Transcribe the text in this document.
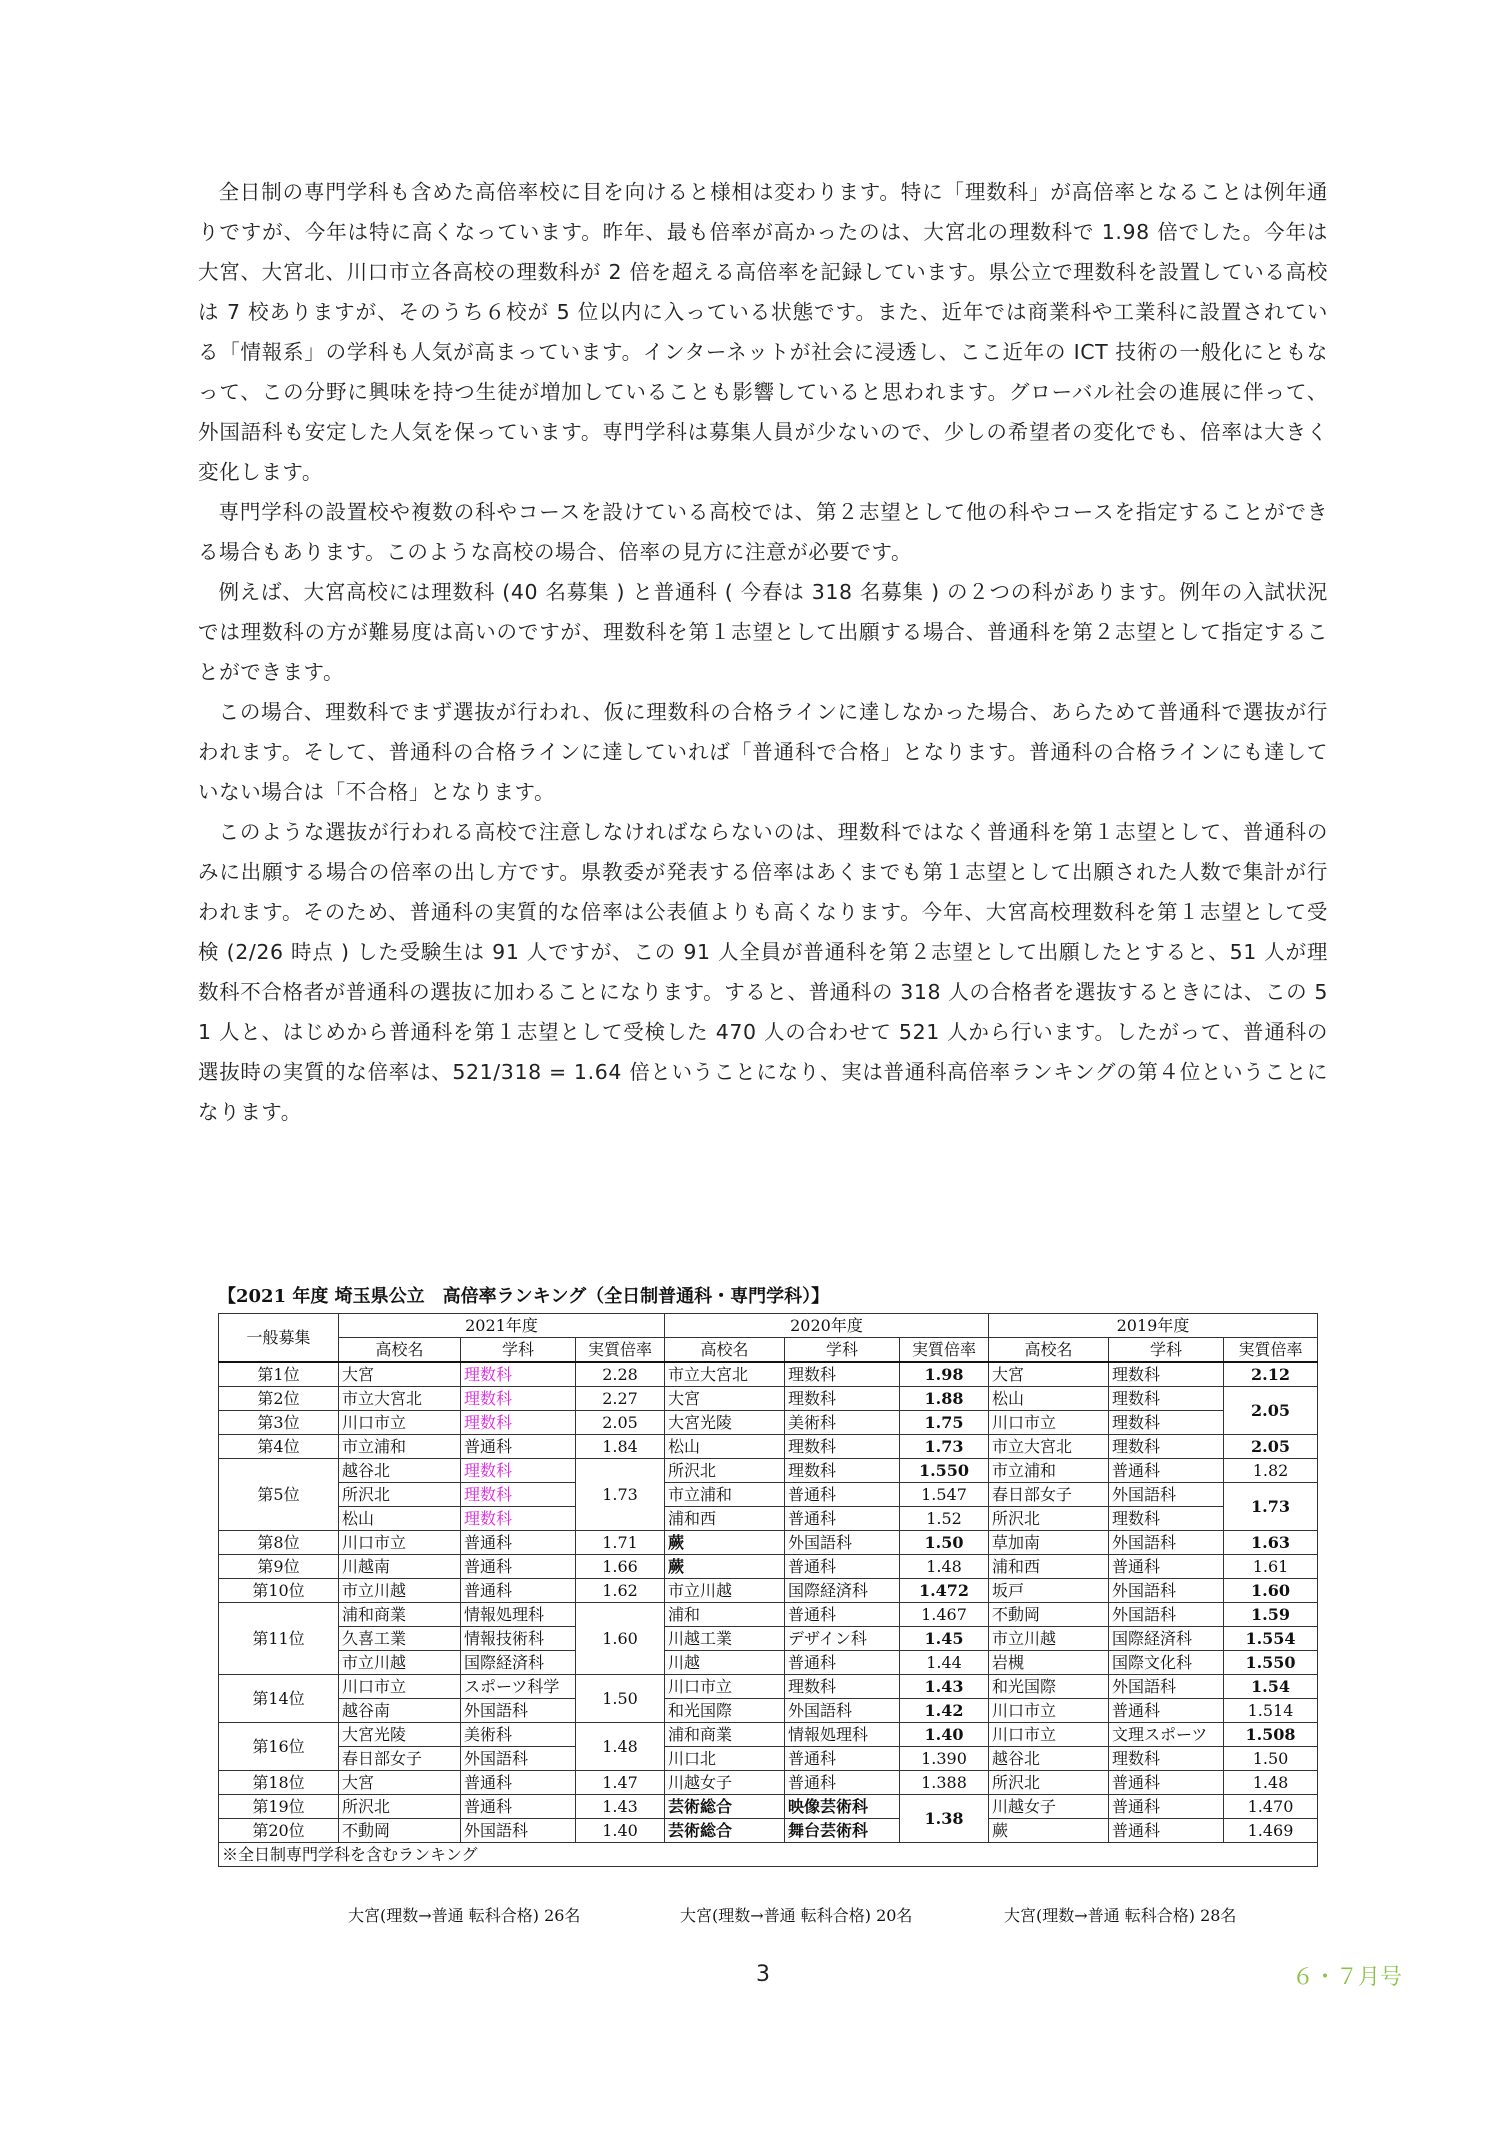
全日制の専門学科も含めた高倍率校に目を向けると様相は変わります。特に「理数科」が高倍率となることは例年通りですが、今年は特に高くなっています。昨年、最も倍率が高かったのは、大宮北の理数科で 1.98 倍でした。今年は大宮、大宮北、川口市立各高校の理数科が 2 倍を超える高倍率を記録しています。県公立で理数科を設置している高校は 7 校ありますが、そのうち６校が 5 位以内に入っている状態です。また、近年では商業科や工業科に設置されている「情報系」の学科も人気が高まっています。インターネットが社会に浸透し、ここ近年の ICT 技術の一般化にともなって、この分野に興味を持つ生徒が増加していることも影響していると思われます。グローバル社会の進展に伴って、外国語科も安定した人気を保っています。専門学科は募集人員が少ないので、少しの希望者の変化でも、倍率は大きく変化します。

専門学科の設置校や複数の科やコースを設けている高校では、第２志望として他の科やコースを指定することができる場合もあります。このような高校の場合、倍率の見方に注意が必要です。

例えば、大宮高校には理数科 (40 名募集 ) と普通科 ( 今春は 318 名募集 ) の２つの科があります。例年の入試状況では理数科の方が難易度は高いのですが、理数科を第１志望として出願する場合、普通科を第２志望として指定することができます。

この場合、理数科でまず選抜が行われ、仮に理数科の合格ラインに達しなかった場合、あらためて普通科で選抜が行われます。そして、普通科の合格ラインに達していれば「普通科で合格」となります。普通科の合格ラインにも達していない場合は「不合格」となります。

このような選抜が行われる高校で注意しなければならないのは、理数科ではなく普通科を第１志望として、普通科のみに出願する場合の倍率の出し方です。県教委が発表する倍率はあくまでも第１志望として出願された人数で集計が行われます。そのため、普通科の実質的な倍率は公表値よりも高くなります。今年、大宮高校理数科を第１志望として受検 (2/26 時点 ) した受験生は 91 人ですが、この 91 人全員が普通科を第２志望として出願したとすると、51 人が理数科不合格者が普通科の選抜に加わることになります。すると、普通科の 318 人の合格者を選抜するときには、この 51 人と、はじめから普通科を第１志望として受検した 470 人の合わせて 521 人から行います。したがって、普通科の選抜時の実質的な倍率は、521/318 = 1.64 倍ということになり、実は普通科高倍率ランキングの第４位ということになります。

【2021 年度 埼玉県公立　高倍率ランキング（全日制普通科・専門学科）】
一般募集	2021年度			2020年度			2019年度		
	高校名	学科	実質倍率	高校名	学科	実質倍率	高校名	学科	実質倍率
第1位	大宮	理数科	2.28	市立大宮北	理数科	1.98	大宮	理数科	2.12
第2位	市立大宮北	理数科	2.27	大宮	理数科	1.88	松山	理数科	2.05
第3位	川口市立	理数科	2.05	大宮光陵	美術科	1.75	川口市立	理数科	
第4位	市立浦和	普通科	1.84	松山	理数科	1.73	市立大宮北	理数科	2.05
第5位	越谷北	理数科	1.73	所沢北	理数科	1.550	市立浦和	普通科	1.82
	所沢北	理数科		市立浦和	普通科	1.547	春日部女子	外国語科	1.73
	松山	理数科		浦和西	普通科	1.52	所沢北	理数科	
第8位	川口市立	普通科	1.71	蕨	外国語科	1.50	草加南	外国語科	1.63
第9位	川越南	普通科	1.66	蕨	普通科	1.48	浦和西	普通科	1.61
第10位	市立川越	普通科	1.62	市立川越	国際経済科	1.472	坂戸	外国語科	1.60
第11位	浦和商業	情報処理科	1.60	浦和	普通科	1.467	不動岡	外国語科	1.59
	久喜工業	情報技術科		川越工業	デザイン科	1.45	市立川越	国際経済科	1.554
	市立川越	国際経済科		川越	普通科	1.44	岩槻	国際文化科	1.550
第14位	川口市立	スポーツ科学	1.50	川口市立	理数科	1.43	和光国際	外国語科	1.54
	越谷南	外国語科		和光国際	外国語科	1.42	川口市立	普通科	1.514
第16位	大宮光陵	美術科	1.48	浦和商業	情報処理科	1.40	川口市立	文理スポーツ	1.508
	春日部女子	外国語科		川口北	普通科	1.390	越谷北	理数科	1.50
第18位	大宮	普通科	1.47	川越女子	普通科	1.388	所沢北	普通科	1.48
第19位	所沢北	普通科	1.43	芸術総合	映像芸術科	1.38	川越女子	普通科	1.470
第20位	不動岡	外国語科	1.40	芸術総合	舞台芸術科		蕨	普通科	1.469
※全日制専門学科を含むランキング									
大宮(理数→普通 転科合格) 26名	大宮(理数→普通 転科合格) 20名	大宮(理数→普通 転科合格) 28名
3	６・７月号
